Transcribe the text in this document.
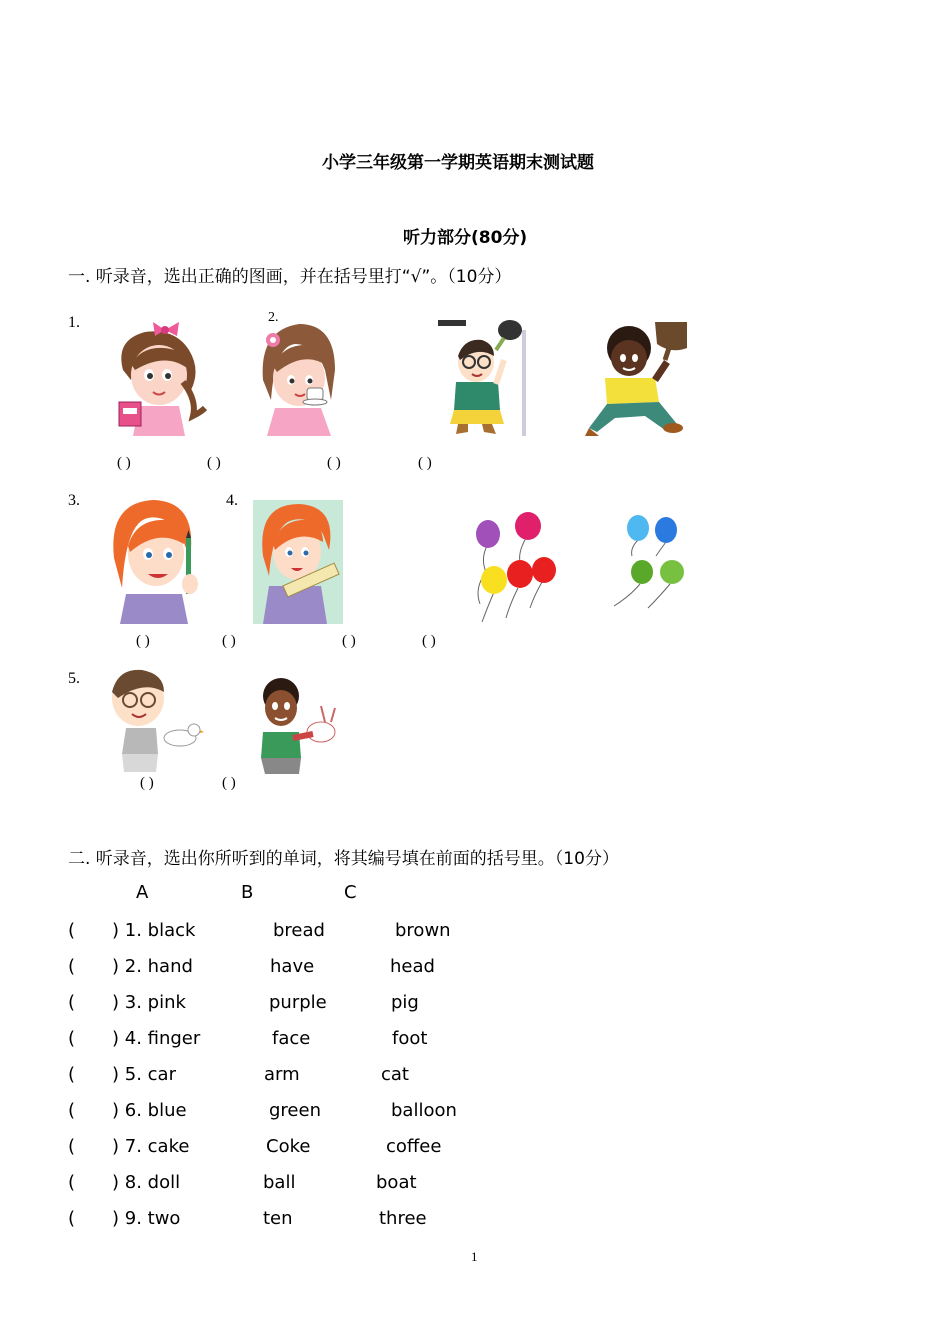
小学三年级第一学期英语期末测试题
听力部分(80分)
一. 听录音，选出正确的图画，并在括号里打“√”。（10分）
1.	2.
( )	( )	( )	( )
3.	4.
( )	( )	( )	( )
5.
( )	( )
二. 听录音，选出你所听到的单词，将其编号填在前面的括号里。（10分）
A	B	C
( ) 1. black	bread	brown
( ) 2. hand	have	head
( ) 3. pink	purple	pig
( ) 4. finger	face	foot
( ) 5. car	arm	cat
( ) 6. blue	green	balloon
( ) 7. cake	Coke	coffee
( ) 8. doll	ball	boat
( ) 9. two	ten	three
1
